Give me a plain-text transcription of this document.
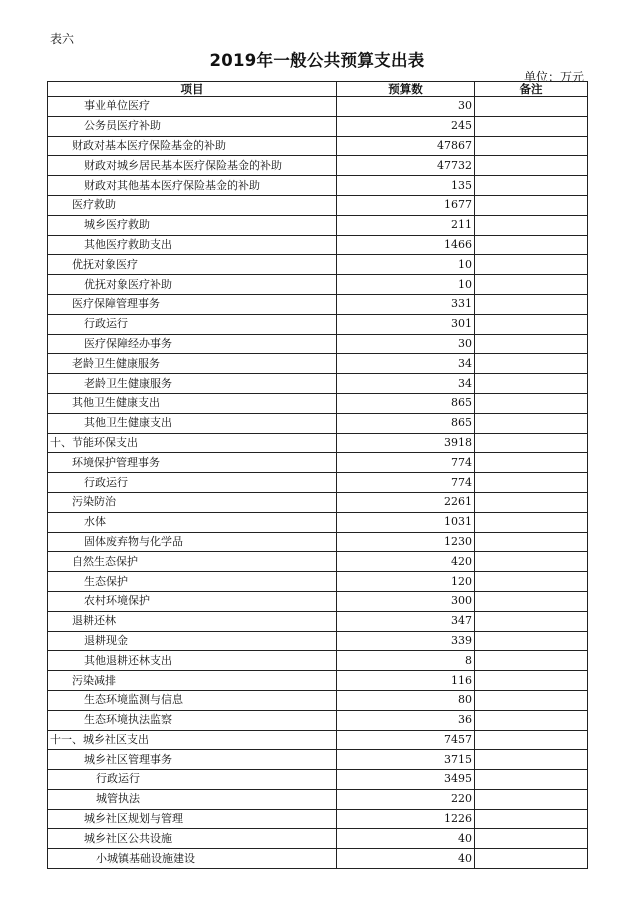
表六
2019年一般公共预算支出表
单位：万元
项目	预算数	备注
事业单位医疗	30	
公务员医疗补助	245	
财政对基本医疗保险基金的补助	47867	
财政对城乡居民基本医疗保险基金的补助	47732	
财政对其他基本医疗保险基金的补助	135	
医疗救助	1677	
城乡医疗救助	211	
其他医疗救助支出	1466	
优抚对象医疗	10	
优抚对象医疗补助	10	
医疗保障管理事务	331	
行政运行	301	
医疗保障经办事务	30	
老龄卫生健康服务	34	
老龄卫生健康服务	34	
其他卫生健康支出	865	
其他卫生健康支出	865	
十、节能环保支出	3918	
环境保护管理事务	774	
行政运行	774	
污染防治	2261	
水体	1031	
固体废弃物与化学品	1230	
自然生态保护	420	
生态保护	120	
农村环境保护	300	
退耕还林	347	
退耕现金	339	
其他退耕还林支出	8	
污染减排	116	
生态环境监测与信息	80	
生态环境执法监察	36	
十一、城乡社区支出	7457	
城乡社区管理事务	3715	
行政运行	3495	
城管执法	220	
城乡社区规划与管理	1226	
城乡社区公共设施	40	
小城镇基础设施建设	40	
